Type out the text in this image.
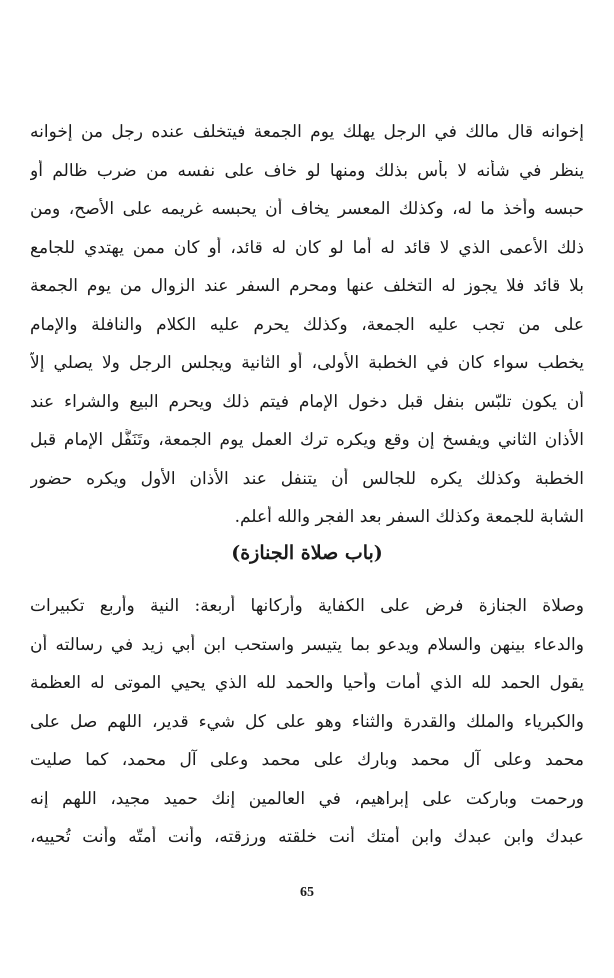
إخوانه قال مالك في الرجل يهلك يوم الجمعة فيتخلف عنده رجل من إخوانه
ينظر في شأنه لا بأس بذلك ومنها لو خاف على نفسه من ضرب ظالم أو
حبسه وأخذ ما له، وكذلك المعسر يخاف أن يحبسه غريمه على الأصح، ومن
ذلك الأعمى الذي لا قائد له أما لو كان له قائد، أو كان ممن يهتدي للجامع
بلا قائد فلا يجوز له التخلف عنها ومحرم السفر عند الزوال من يوم الجمعة
على من تجب عليه الجمعة، وكذلك يحرم عليه الكلام والنافلة والإمام
يخطب سواء كان في الخطبة الأولى، أو الثانية ويجلس الرجل ولا يصلي إلاّ
أن يكون تلبّس بنفل قبل دخول الإمام فيتم ذلك ويحرم البيع والشراء عند
الأذان الثاني ويفسخ إن وقع ويكره ترك العمل يوم الجمعة، وتَنَفُّل الإمام قبل
الخطبة وكذلك يكره للجالس أن يتنفل عند الأذان الأول ويكره حضور
الشابة للجمعة وكذلك السفر بعد الفجر والله أعلم.
(باب صلاة الجنازة)
وصلاة الجنازة فرض على الكفاية وأركانها أربعة: النية وأربع تكبيرات
والدعاء بينهن والسلام ويدعو بما يتيسر واستحب ابن أبي زيد في رسالته أن
يقول الحمد لله الذي أمات وأحيا والحمد لله الذي يحيي الموتى له العظمة
والكبرياء والملك والقدرة والثناء وهو على كل شيء قدير، اللهم صل على
محمد وعلى آل محمد وبارك على محمد وعلى آل محمد، كما صليت
ورحمت وباركت على إبراهيم، في العالمين إنك حميد مجيد، اللهم إنه
عبدك وابن عبدك وابن أمتك أنت خلقته ورزقته، وأنت أمتّه وأنت تُحييه،
65
